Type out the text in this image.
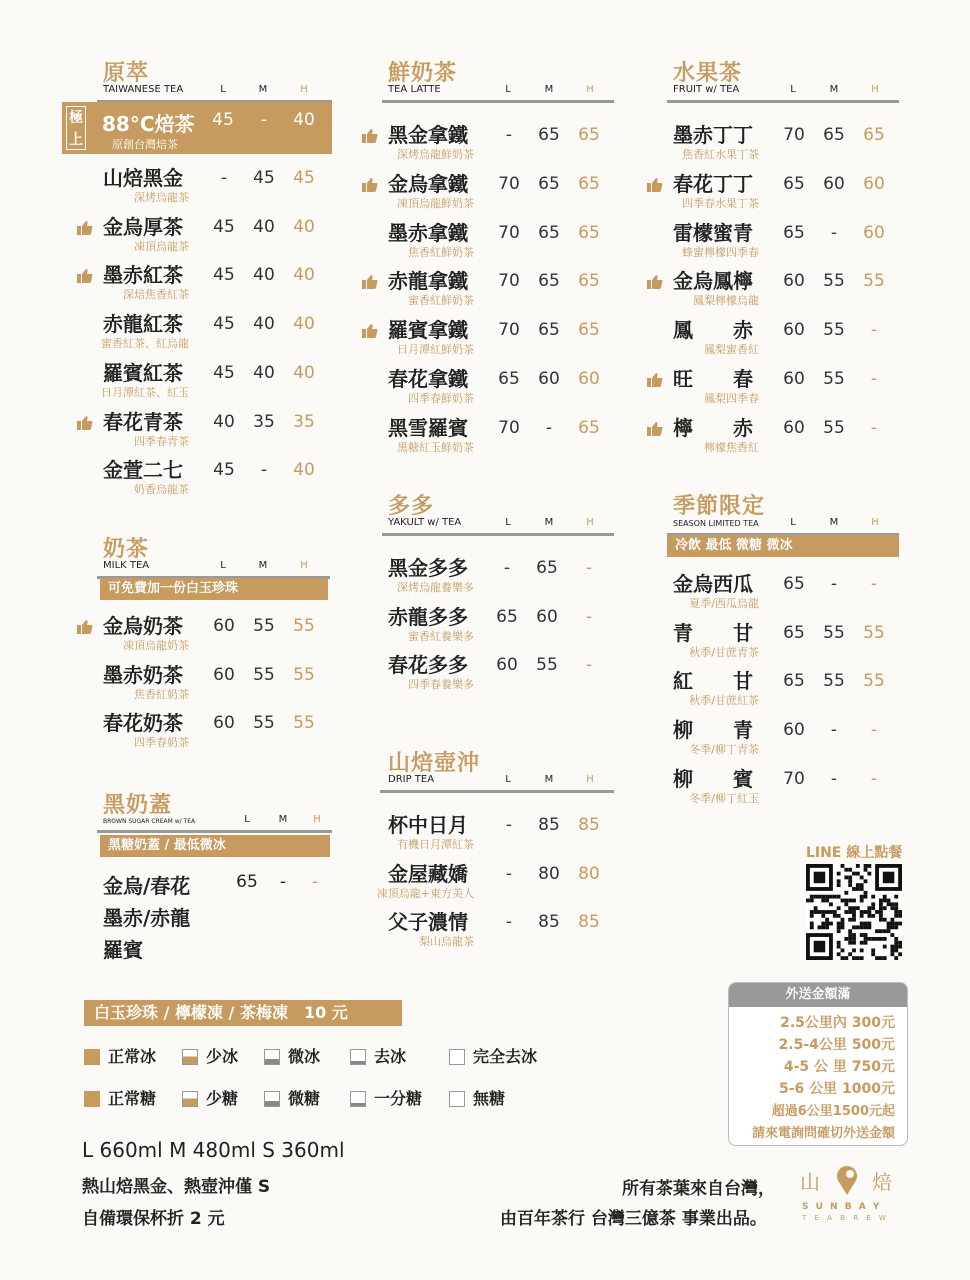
原萃
TAIWANESE TEA	L	M	H
極上
88°C焙茶
原創台灣焙茶
45	-	40
山焙黑金
深烤烏龍茶
-	45 45
金烏厚茶
凍頂烏龍茶
45 40 40
墨赤紅茶
深焙焦香紅茶
45 40 40
赤龍紅茶
蜜香紅茶、紅烏龍
45 40 40
羅賓紅茶
日月潭紅茶、紅玉
45 40 40
春花青茶
四季春青茶
40 35 35
金萱二七
奶香烏龍茶
45	-	40
奶茶
MILK TEA	L	M	H
可免費加一份白玉珍珠
金烏奶茶
凍頂烏龍奶茶
60 55 55
墨赤奶茶
焦香紅奶茶
60 55 55
春花奶茶
四季春奶茶
60 55 55
黑奶蓋
BROWN SUGAR CREAM w/ TEA	L	M	H
黑糖奶蓋 / 最低微冰
金烏/春花
墨赤/赤龍
羅賓
65	-	-
鮮奶茶
TEA LATTE	L	M	H
黑金拿鐵
深烤烏龍鮮奶茶
-	65 65
金烏拿鐵
凍頂烏龍鮮奶茶
70 65 65
墨赤拿鐵
焦香紅鮮奶茶
70 65 65
赤龍拿鐵
蜜香紅鮮奶茶
70 65 65
羅賓拿鐵
日月潭紅鮮奶茶
70 65 65
春花拿鐵
四季春鮮奶茶
65 60 60
黑雪羅賓
黑糖紅玉鮮奶茶
70	-	65
多多
YAKULT w/ TEA	L	M	H
黑金多多
深烤烏龍養樂多
-	65	-
赤龍多多
蜜香紅養樂多
65 60	-
春花多多
四季春養樂多
60 55	-
山焙壺沖
DRIP TEA	L	M	H
杯中日月
有機日月潭紅茶
-	85 85
金屋藏嬌
凍頂烏龍+東方美人
-	80 80
父子濃情
梨山烏龍茶
-	85 85
水果茶
FRUIT w/ TEA	L	M	H
墨赤丁丁
焦香紅水果丁茶
70 65 65
春花丁丁
四季春水果丁茶
65 60 60
雷檬蜜青
蜂蜜檸檬四季春
65	-	60
金烏鳳檸
鳳梨檸檬烏龍
60 55 55
鳳　　赤
鳳梨蜜香紅
60 55	-
旺　　春
鳳梨四季春
60 55	-
檸　　赤
檸檬焦香紅
60 55	-
季節限定
SEASON LIMITED TEA	L	M	H
冷飲 最低 微糖 微冰
金烏西瓜
夏季/西瓜烏龍
65	-	-
青　　甘
秋季/甘蔗青茶
65 55 55
紅　　甘
秋季/甘蔗紅茶
65 55 55
柳　　青
冬季/柳丁青茶
60	-	-
柳　　賓
冬季/柳丁紅玉
70	-	-
LINE 線上點餐
白玉珍珠 / 檸檬凍 / 茶梅凍　10 元
正常冰	少冰	微冰	去冰	完全去冰
正常糖	少糖	微糖	一分糖	無糖
L 660ml M 480ml S 360ml
熱山焙黑金、熱壺沖僅 S
自備環保杯折 2 元
所有茶葉來自台灣，
由百年茶行 台灣三億茶 事業出品。
外送金額滿
2.5公里內 300元
2.5-4公里 500元
4-5 公 里 750元
5-6 公里 1000元
超過6公里1500元起
請來電詢問確切外送金額
山	焙
S U N B A Y
T E A B R E W
